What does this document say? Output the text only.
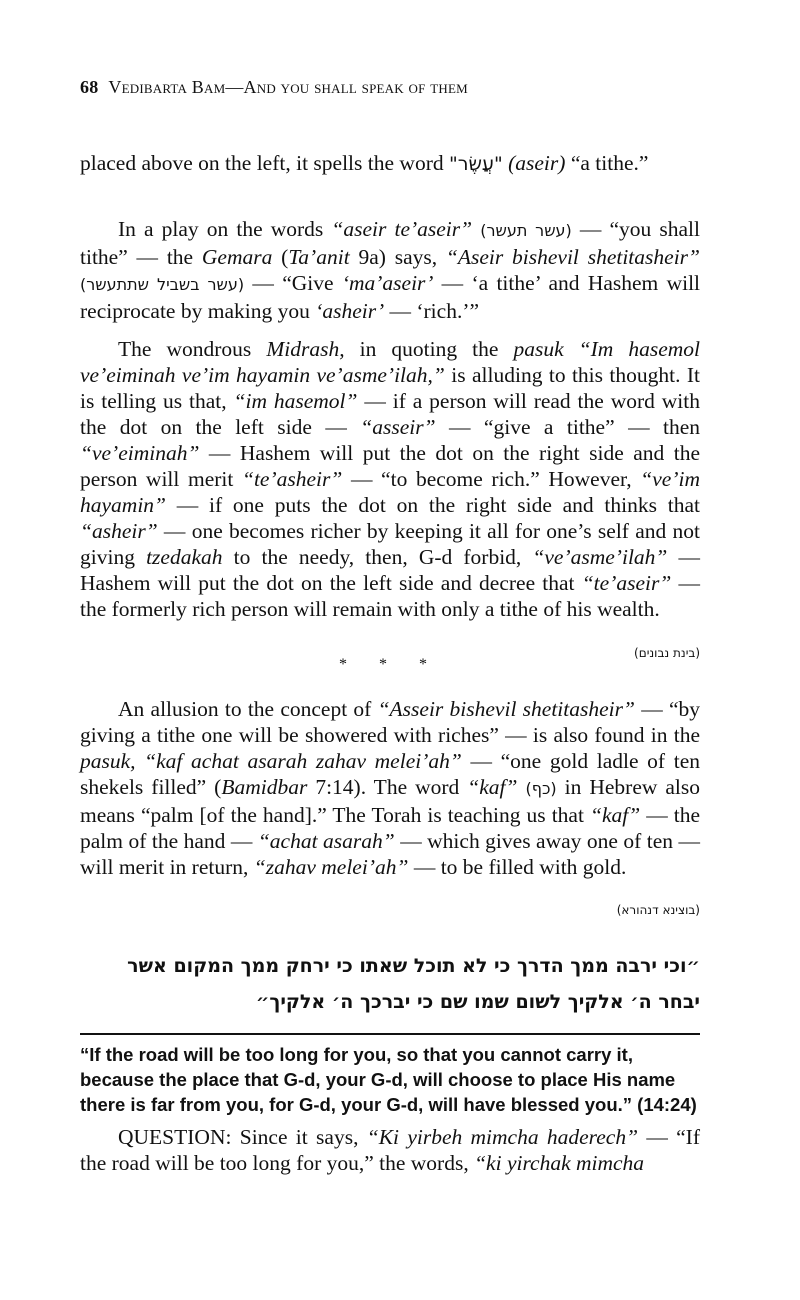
68 Vedibarta Bam—And you shall speak of them

placed above on the left, it spells the word "עֲשֶׂר" (aseir) “a tithe.”

In a play on the words “aseir te’aseir” (עשר תעשר) — “you shall tithe” — the Gemara (Ta’anit 9a) says, “Aseir bishevil shetitasheir” (עשר בשביל שתתעשר) — “Give ‘ma’aseir’ — ‘a tithe’ and Hashem will reciprocate by making you ‘asheir’ — ‘rich.’”

The wondrous Midrash, in quoting the pasuk “Im hasemol ve’eiminah ve’im hayamin ve’asme’ilah,” is alluding to this thought. It is telling us that, “im hasemol” — if a person will read the word with the dot on the left side — “asseir” — “give a tithe” — then “ve’eiminah” — Hashem will put the dot on the right side and the person will merit “te’asheir” — “to become rich.” However, “ve’im hayamin” — if one puts the dot on the right side and thinks that “asheir” — one becomes richer by keeping it all for one’s self and not giving tzedakah to the needy, then, G-d forbid, “ve’asme’ilah” — Hashem will put the dot on the left side and decree that “te’aseir” — the formerly rich person will remain with only a tithe of his wealth.

(בינת נבונים)
* * *

An allusion to the concept of “Asseir bishevil shetitasheir” — “by giving a tithe one will be showered with riches” — is also found in the pasuk, “kaf achat asarah zahav melei’ah” — “one gold ladle of ten shekels filled” (Bamidbar 7:14). The word “kaf” (כף) in Hebrew also means “palm [of the hand].” The Torah is teaching us that “kaf” — the palm of the hand — “achat asarah” — which gives away one of ten — will merit in return, “zahav melei’ah” — to be filled with gold.

(בוצינא דנהורא)
״וכי ירבה ממך הדרך כי לא תוכל שאתו כי ירחק ממך המקום אשר יבחר ה׳ אלקיך לשום שמו שם כי יברכך ה׳ אלקיך״
“If the road will be too long for you, so that you cannot carry it, because the place that G-d, your G-d, will choose to place His name there is far from you, for G-d, your G-d, will have blessed you.” (14:24)

QUESTION: Since it says, “Ki yirbeh mimcha haderech” — “If the road will be too long for you,” the words, “ki yirchak mimcha
